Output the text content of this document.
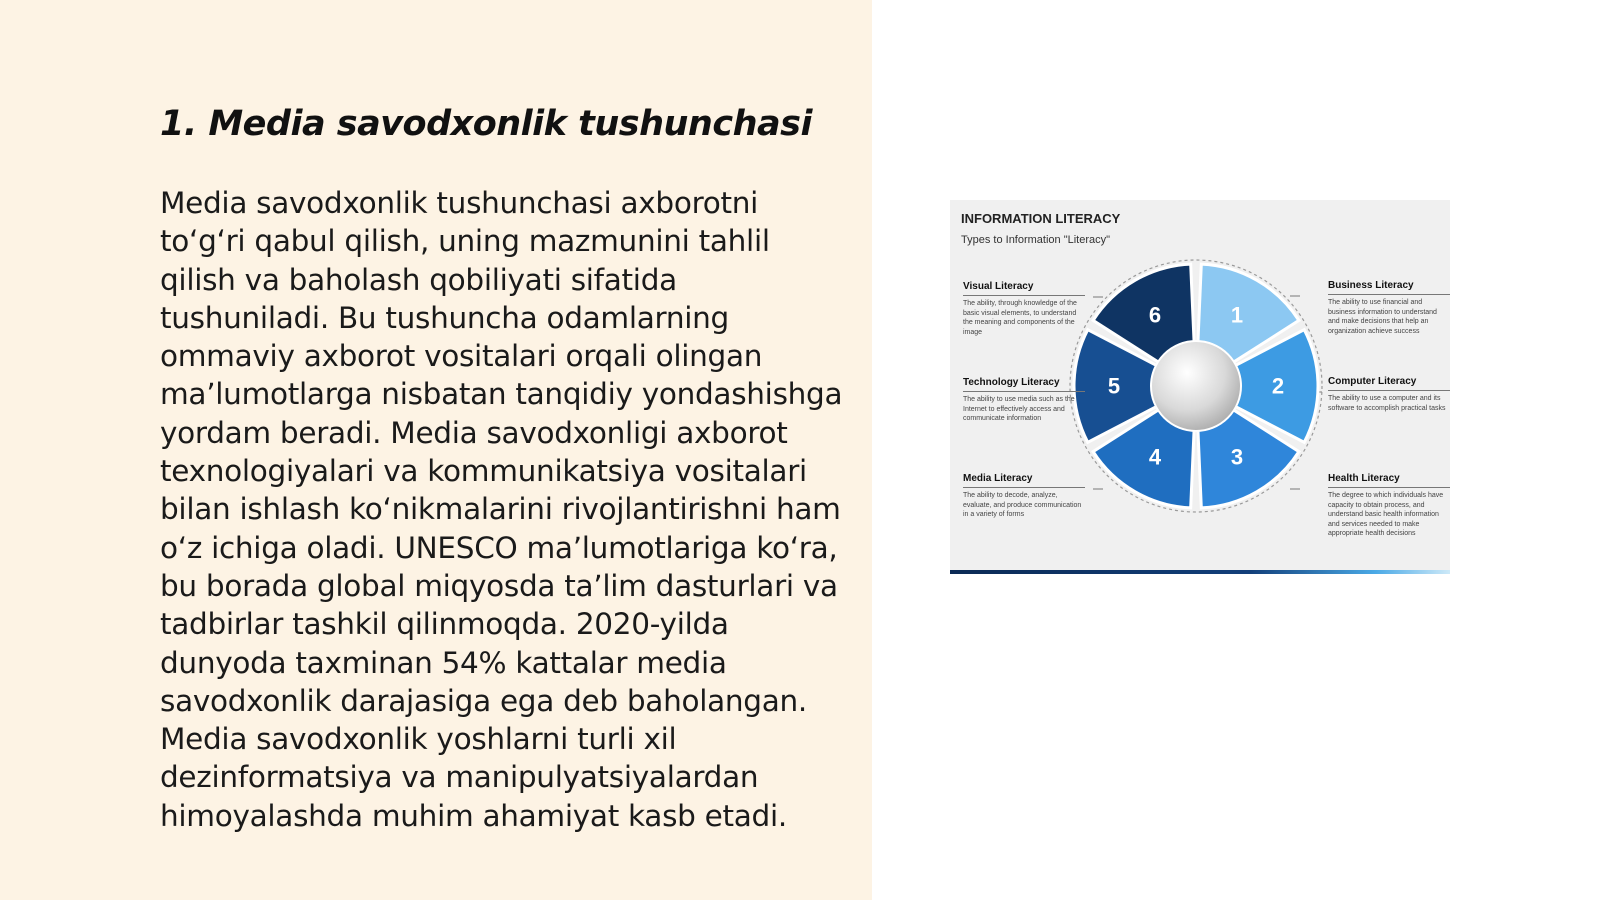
1. Media savodxonlik tushunchasi

Media savodxonlik tushunchasi axborotni to‘g‘ri qabul qilish, uning mazmunini tahlil qilish va baholash qobiliyati sifatida tushuniladi. Bu tushuncha odamlarning ommaviy axborot vositalari orqali olingan ma’lumotlarga nisbatan tanqidiy yondashishga yordam beradi. Media savodxonligi axborot texnologiyalari va kommunikatsiya vositalari bilan ishlash ko‘nikmalarini rivojlantirishni ham o‘z ichiga oladi. UNESCO ma’lumotlariga ko‘ra, bu borada global miqyosda ta’lim dasturlari va tadbirlar tashkil qilinmoqda. 2020-yilda dunyoda taxminan 54% kattalar media savodxonlik darajasiga ega deb baholangan. Media savodxonlik yoshlarni turli xil dezinformatsiya va manipulyatsiyalardan himoyalashda muhim ahamiyat kasb etadi.

INFORMATION LITERACY
Types to Information "Literacy"
1
2
3
4
5
6
Visual Literacy
The ability, through knowledge of the basic visual elements, to understand the meaning and components of the image
Business Literacy
The ability to use financial and business information to understand and make decisions that help an organization achieve success
Technology Literacy
The ability to use media such as the Internet to effectively access and communicate information
Computer Literacy
The ability to use a computer and its software to accomplish practical tasks
Media Literacy
The ability to decode, analyze, evaluate, and produce communication in a variety of forms
Health Literacy
The degree to which individuals have capacity to obtain process, and understand basic health information and services needed to make appropriate health decisions
